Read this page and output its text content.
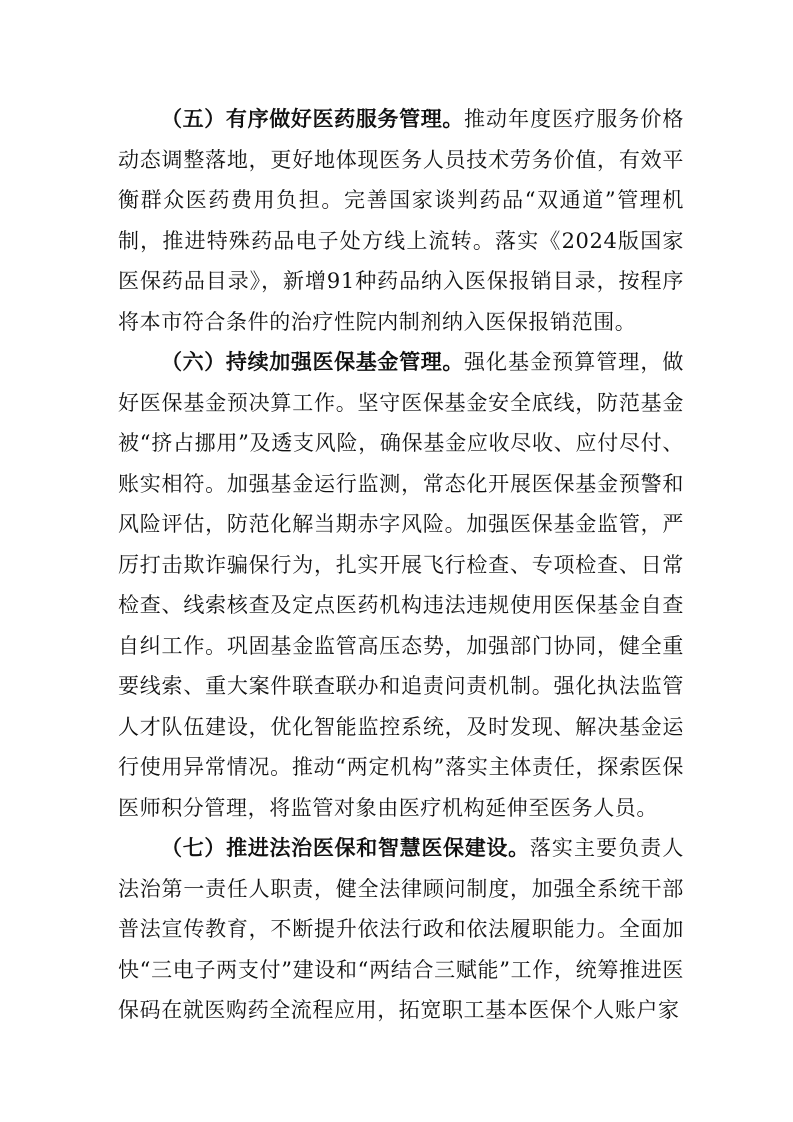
（五）有序做好医药服务管理。推动年度医疗服务价格动态调整落地，更好地体现医务人员技术劳务价值，有效平衡群众医药费用负担。完善国家谈判药品“双通道”管理机制，推进特殊药品电子处方线上流转。落实《2024版国家医保药品目录》，新增91种药品纳入医保报销目录，按程序将本市符合条件的治疗性院内制剂纳入医保报销范围。

（六）持续加强医保基金管理。强化基金预算管理，做好医保基金预决算工作。坚守医保基金安全底线，防范基金被“挤占挪用”及透支风险，确保基金应收尽收、应付尽付、账实相符。加强基金运行监测，常态化开展医保基金预警和风险评估，防范化解当期赤字风险。加强医保基金监管，严厉打击欺诈骗保行为，扎实开展飞行检查、专项检查、日常检查、线索核查及定点医药机构违法违规使用医保基金自查自纠工作。巩固基金监管高压态势，加强部门协同，健全重要线索、重大案件联查联办和追责问责机制。强化执法监管人才队伍建设，优化智能监控系统，及时发现、解决基金运行使用异常情况。推动“两定机构”落实主体责任，探索医保医师积分管理，将监管对象由医疗机构延伸至医务人员。

（七）推进法治医保和智慧医保建设。落实主要负责人法治第一责任人职责，健全法律顾问制度，加强全系统干部普法宣传教育，不断提升依法行政和依法履职能力。全面加快“三电子两支付”建设和“两结合三赋能”工作，统筹推进医保码在就医购药全流程应用，拓宽职工基本医保个人账户家
